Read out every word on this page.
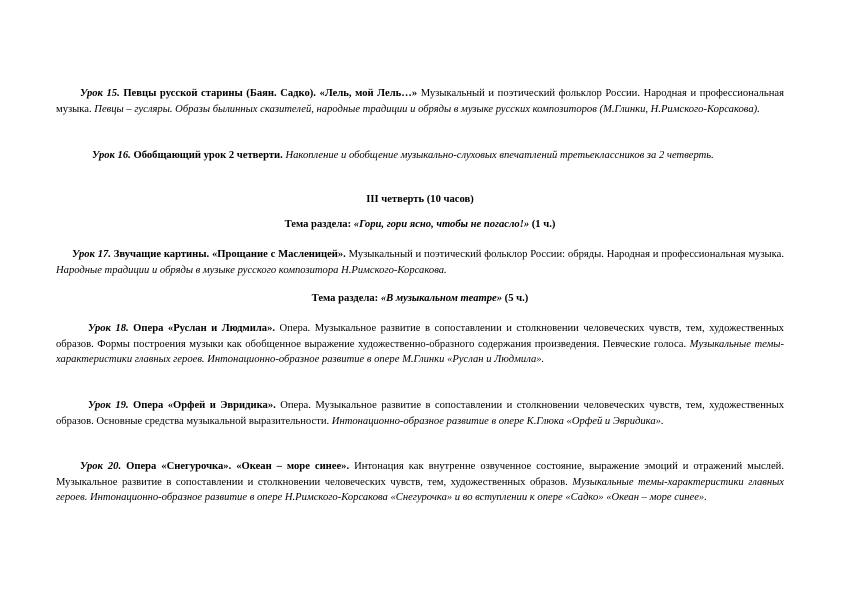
Урок 15. Певцы русской старины (Баян. Садко). «Лель, мой Лель…» Музыкальный и поэтический фольклор России. Народная и профессиональная музыка. Певцы – гусляры. Образы былинных сказителей, народные традиции и обряды в музыке русских композиторов (М.Глинки, Н.Римского-Корсакова).

Урок 16. Обобщающий урок 2 четверти. Накопление и обобщение музыкально-слуховых впечатлений третьеклассников за 2 четверть.

III четверть (10 часов)

Тема раздела: «Гори, гори ясно, чтобы не погасло!» (1 ч.)

Урок 17. Звучащие картины. «Прощание с Масленицей». Музыкальный и поэтический фольклор России: обряды. Народная и профессиональная музыка. Народные традиции и обряды в музыке русского композитора Н.Римского-Корсакова.

Тема раздела: «В музыкальном театре» (5 ч.)

Урок 18. Опера «Руслан и Людмила». Опера. Музыкальное развитие в сопоставлении и столкновении человеческих чувств, тем, художественных образов. Формы построения музыки как обобщенное выражение художественно-образного содержания произведения. Певческие голоса. Музыкальные темы-характеристики главных героев. Интонационно-образное развитие в опере М.Глинки «Руслан и Людмила».

Урок 19. Опера «Орфей и Эвридика». Опера. Музыкальное развитие в сопоставлении и столкновении человеческих чувств, тем, художественных образов. Основные средства музыкальной выразительности. Интонационно-образное развитие в опере К.Глюка «Орфей и Эвридика».

Урок 20. Опера «Снегурочка». «Океан – море синее». Интонация как внутренне озвученное состояние, выражение эмоций и отражений мыслей. Музыкальное развитие в сопоставлении и столкновении человеческих чувств, тем, художественных образов. Музыкальные темы-характеристики главных героев. Интонационно-образное развитие в опере Н.Римского-Корсакова «Снегурочка» и во вступлении к опере «Садко» «Океан – море синее».
